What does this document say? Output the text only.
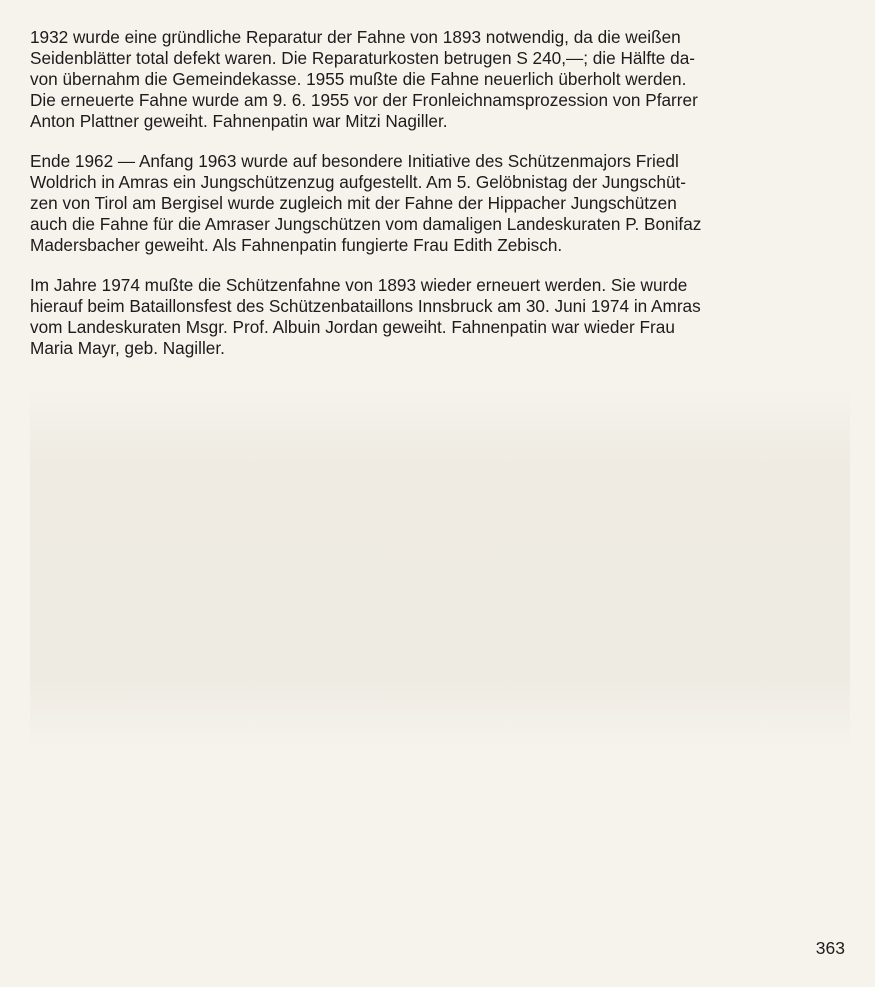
1932 wurde eine gründliche Reparatur der Fahne von 1893 notwendig, da die weißen
Seidenblätter total defekt waren. Die Reparaturkosten betrugen S 240,—; die Hälfte da-
von übernahm die Gemeindekasse. 1955 mußte die Fahne neuerlich überholt werden.
Die erneuerte Fahne wurde am 9. 6. 1955 vor der Fronleichnamsprozession von Pfarrer
Anton Plattner geweiht. Fahnenpatin war Mitzi Nagiller.

Ende 1962 — Anfang 1963 wurde auf besondere Initiative des Schützenmajors Friedl
Woldrich in Amras ein Jungschützenzug aufgestellt. Am 5. Gelöbnistag der Jungschüt-
zen von Tirol am Bergisel wurde zugleich mit der Fahne der Hippacher Jungschützen
auch die Fahne für die Amraser Jungschützen vom damaligen Landeskuraten P. Bonifaz
Madersbacher geweiht. Als Fahnenpatin fungierte Frau Edith Zebisch.

Im Jahre 1974 mußte die Schützenfahne von 1893 wieder erneuert werden. Sie wurde
hierauf beim Bataillonsfest des Schützenbataillons Innsbruck am 30. Juni 1974 in Amras
vom Landeskuraten Msgr. Prof. Albuin Jordan geweiht. Fahnenpatin war wieder Frau
Maria Mayr, geb. Nagiller.

363
